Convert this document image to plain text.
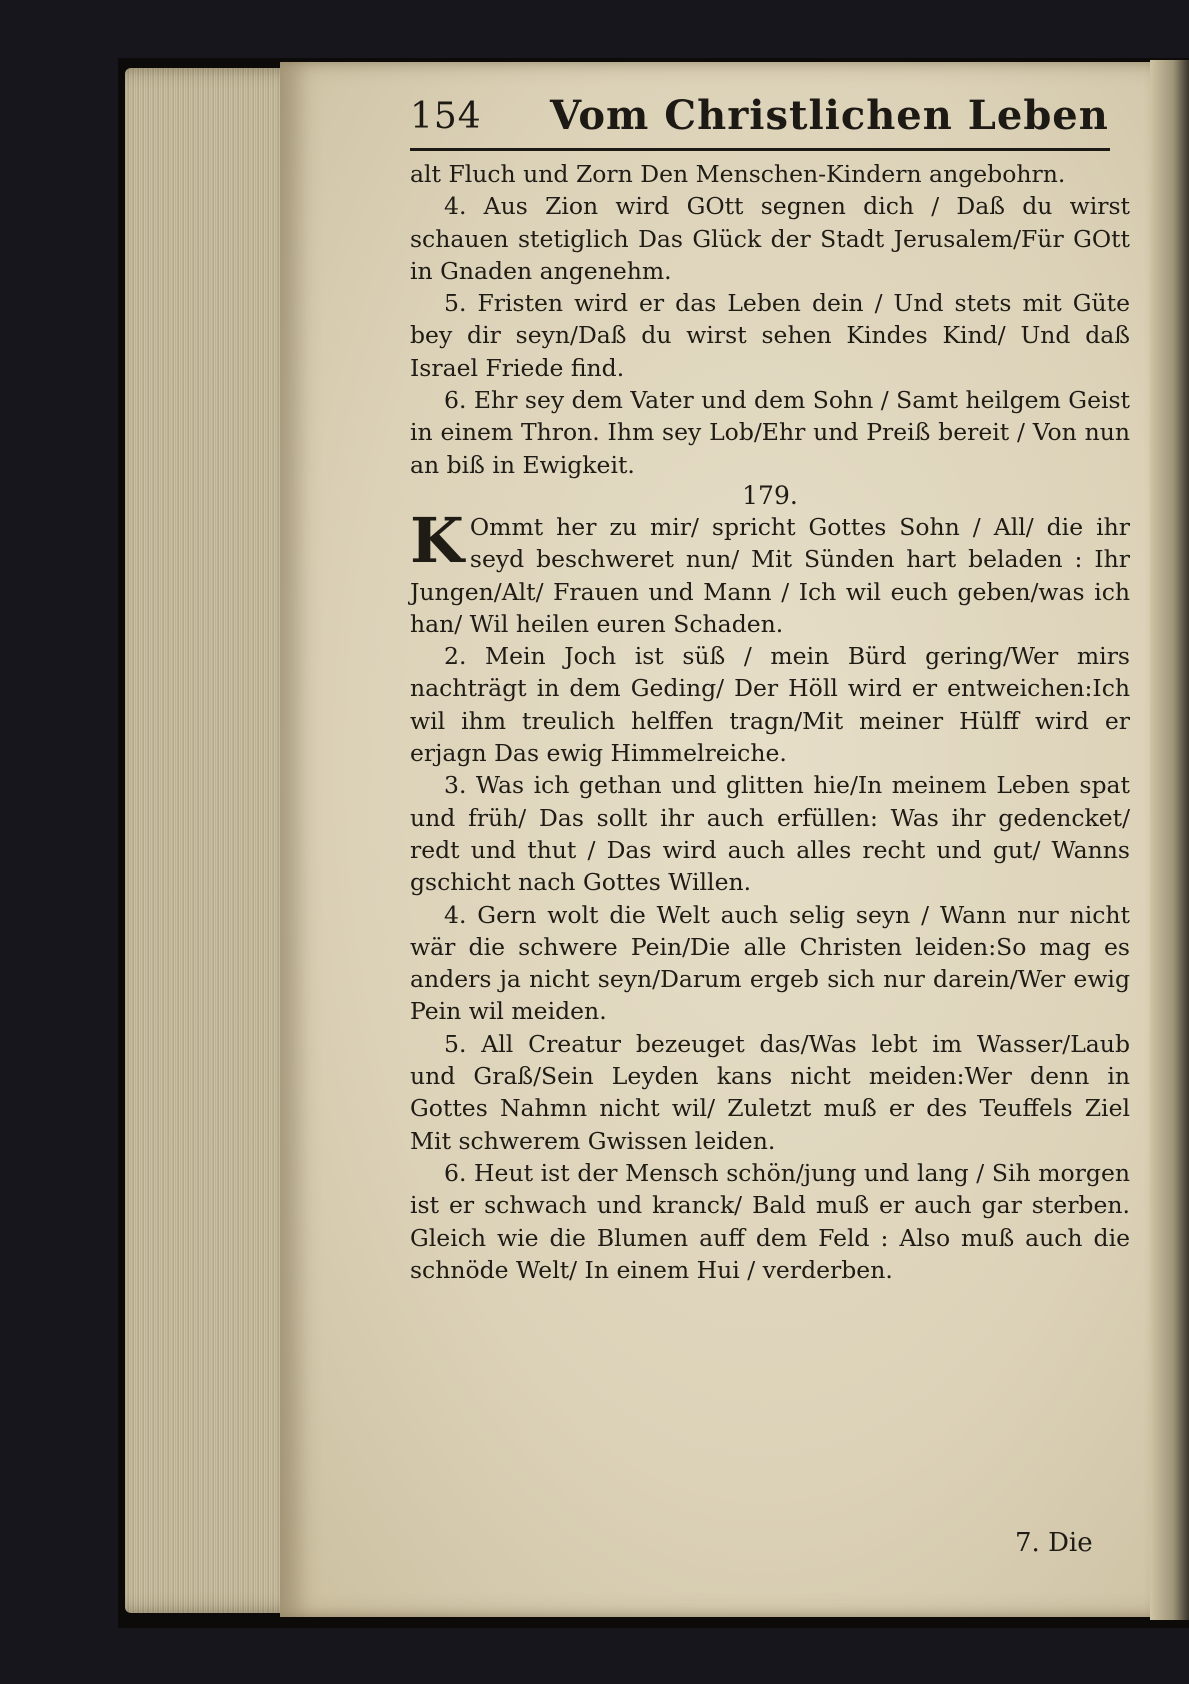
154 Vom Christlichen Leben

alt Fluch und Zorn Den Menschen-Kindern angebohrn.

4. Aus Zion wird GOtt segnen dich / Daß du wirst schauen stetiglich Das Glück der Stadt Jerusalem/Für GOtt in Gnaden angenehm.

5. Fristen wird er das Leben dein / Und stets mit Güte bey dir seyn/Daß du wirst sehen Kindes Kind/ Und daß Israel Friede find.

6. Ehr sey dem Vater und dem Sohn / Samt heilgem Geist in einem Thron. Ihm sey Lob/Ehr und Preiß bereit / Von nun an biß in Ewigkeit.

179.

K Ommt her zu mir/ spricht Gottes Sohn / All/ die ihr seyd beschweret nun/ Mit Sünden hart beladen : Ihr Jungen/Alt/ Frauen und Mann / Ich wil euch geben/was ich han/ Wil heilen euren Schaden.

2. Mein Joch ist süß / mein Bürd gering/Wer mirs nachträgt in dem Geding/ Der Höll wird er entweichen:Ich wil ihm treulich helffen tragn/Mit meiner Hülff wird er erjagn Das ewig Himmelreiche.

3. Was ich gethan und glitten hie/In meinem Leben spat und früh/ Das sollt ihr auch erfüllen: Was ihr gedencket/ redt und thut / Das wird auch alles recht und gut/ Wanns gschicht nach Gottes Willen.

4. Gern wolt die Welt auch selig seyn / Wann nur nicht wär die schwere Pein/Die alle Christen leiden:So mag es anders ja nicht seyn/Darum ergeb sich nur darein/Wer ewig Pein wil meiden.

5. All Creatur bezeuget das/Was lebt im Wasser/Laub und Graß/Sein Leyden kans nicht meiden:Wer denn in Gottes Nahmn nicht wil/ Zuletzt muß er des Teuffels Ziel Mit schwerem Gwissen leiden.

6. Heut ist der Mensch schön/jung und lang / Sih morgen ist er schwach und kranck/ Bald muß er auch gar sterben. Gleich wie die Blumen auff dem Feld : Also muß auch die schnöde Welt/ In einem Hui / verderben.

7. Die
